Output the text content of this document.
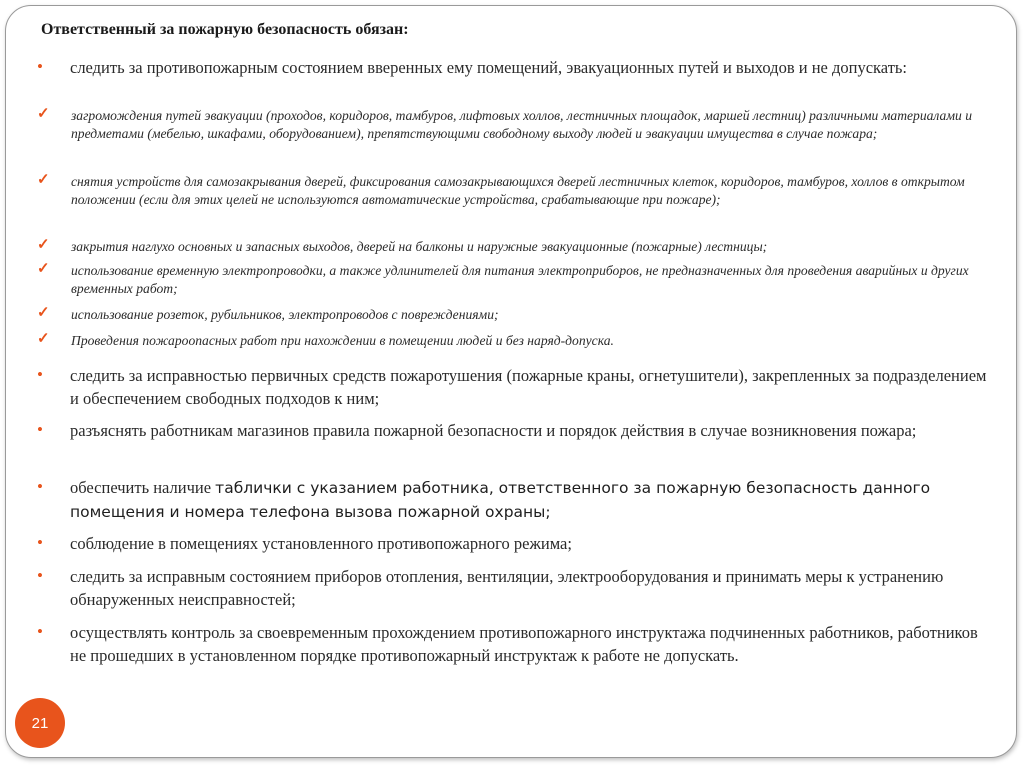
Ответственный за пожарную безопасность обязан:
• следить за противопожарным состоянием вверенных ему помещений, эвакуационных путей и выходов и не допускать:
✓ загромождения путей эвакуации (проходов, коридоров, тамбуров, лифтовых холлов, лестничных площадок, маршей лестниц) различными материалами и предметами (мебелью, шкафами, оборудованием), препятствующими свободному выходу людей и эвакуации имущества в случае пожара;
✓ снятия устройств для самозакрывания дверей, фиксирования самозакрывающихся дверей лестничных клеток, коридоров, тамбуров, холлов в открытом положении (если для этих целей не используются автоматические устройства, срабатывающие при пожаре);
✓ закрытия наглухо основных и запасных выходов, дверей на балконы и наружные эвакуационные (пожарные) лестницы;
✓ использование временную электропроводки, а также удлинителей для питания электроприборов, не предназначенных для проведения аварийных и других временных работ;
✓ использование розеток, рубильников, электропроводов с повреждениями;
✓ Проведения пожароопасных работ при нахождении в помещении людей и без наряд-допуска.
• следить за исправностью первичных средств пожаротушения (пожарные краны, огнетушители), закрепленных за подразделением и обеспечением свободных подходов к ним;
• разъяснять работникам магазинов правила пожарной безопасности и порядок действия в случае возникновения пожара;
• обеспечить наличие таблички с указанием работника, ответственного за пожарную безопасность данного помещения и номера телефона вызова пожарной охраны;
• соблюдение в помещениях установленного противопожарного режима;
• следить за исправным состоянием приборов отопления, вентиляции, электрооборудования и принимать меры к устранению обнаруженных неисправностей;
• осуществлять контроль за своевременным прохождением противопожарного инструктажа подчиненных работников, работников не прошедших в установленном порядке противопожарный инструктаж к работе не допускать.
21
